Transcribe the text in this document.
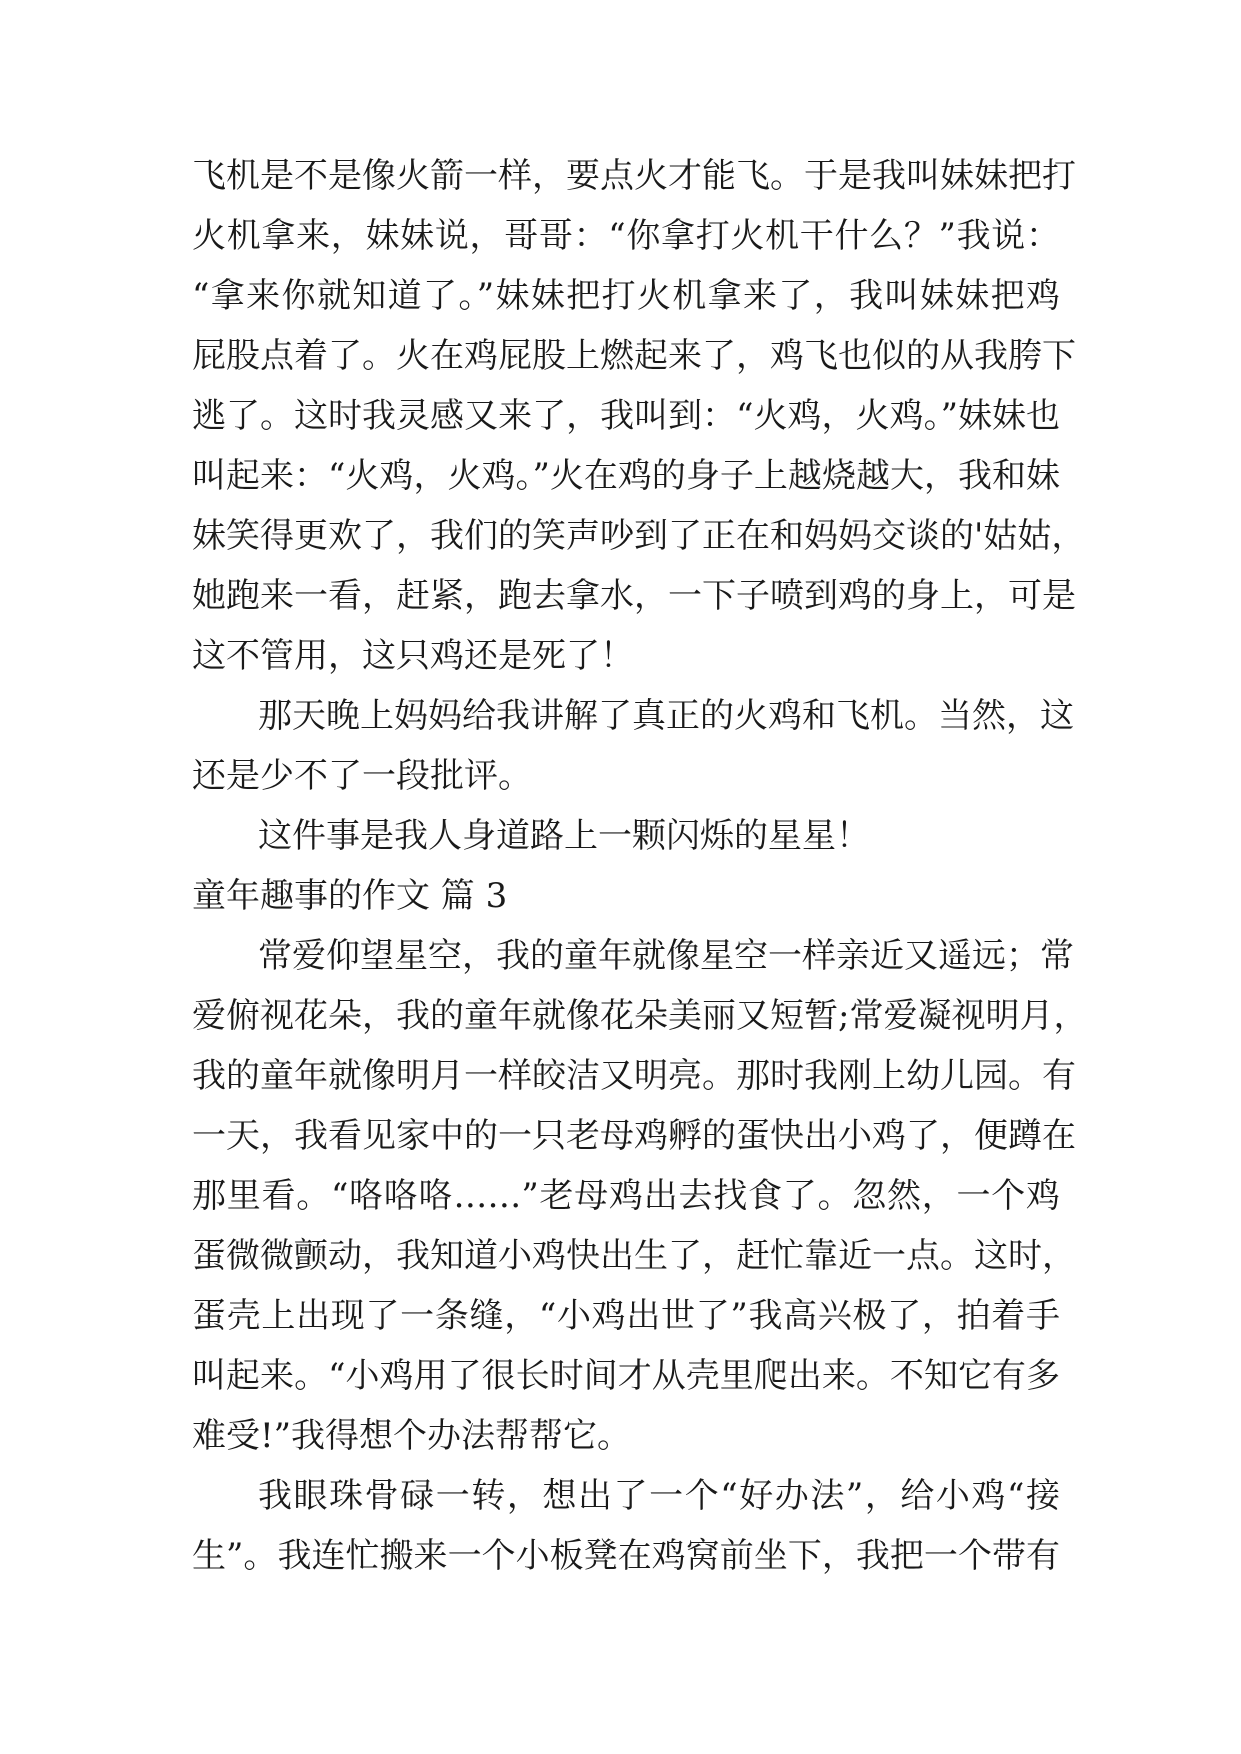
飞机是不是像火箭一样，要点火才能飞。于是我叫妹妹把打
火机拿来，妹妹说，哥哥：“你拿打火机干什么？”我说：
“拿来你就知道了。”妹妹把打火机拿来了，我叫妹妹把鸡
屁股点着了。火在鸡屁股上燃起来了，鸡飞也似的从我胯下
逃了。这时我灵感又来了，我叫到：“火鸡，火鸡。”妹妹也
叫起来：“火鸡，火鸡。”火在鸡的身子上越烧越大，我和妹
妹笑得更欢了，我们的笑声吵到了正在和妈妈交谈的'姑姑，
她跑来一看，赶紧，跑去拿水，一下子喷到鸡的身上，可是
这不管用，这只鸡还是死了！
那天晚上妈妈给我讲解了真正的火鸡和飞机。当然，这
还是少不了一段批评。
这件事是我人身道路上一颗闪烁的星星！
童年趣事的作文 篇 3
常爱仰望星空，我的童年就像星空一样亲近又遥远；常
爱俯视花朵，我的童年就像花朵美丽又短暂;常爱凝视明月，
我的童年就像明月一样皎洁又明亮。那时我刚上幼儿园。有
一天，我看见家中的一只老母鸡孵的蛋快出小鸡了，便蹲在
那里看。“咯咯咯……”老母鸡出去找食了。忽然，一个鸡
蛋微微颤动，我知道小鸡快出生了，赶忙靠近一点。这时，
蛋壳上出现了一条缝，“小鸡出世了”我高兴极了，拍着手
叫起来。“小鸡用了很长时间才从壳里爬出来。不知它有多
难受!”我得想个办法帮帮它。
我眼珠骨碌一转，想出了一个“好办法”，给小鸡“接
生”。我连忙搬来一个小板凳在鸡窝前坐下，我把一个带有
